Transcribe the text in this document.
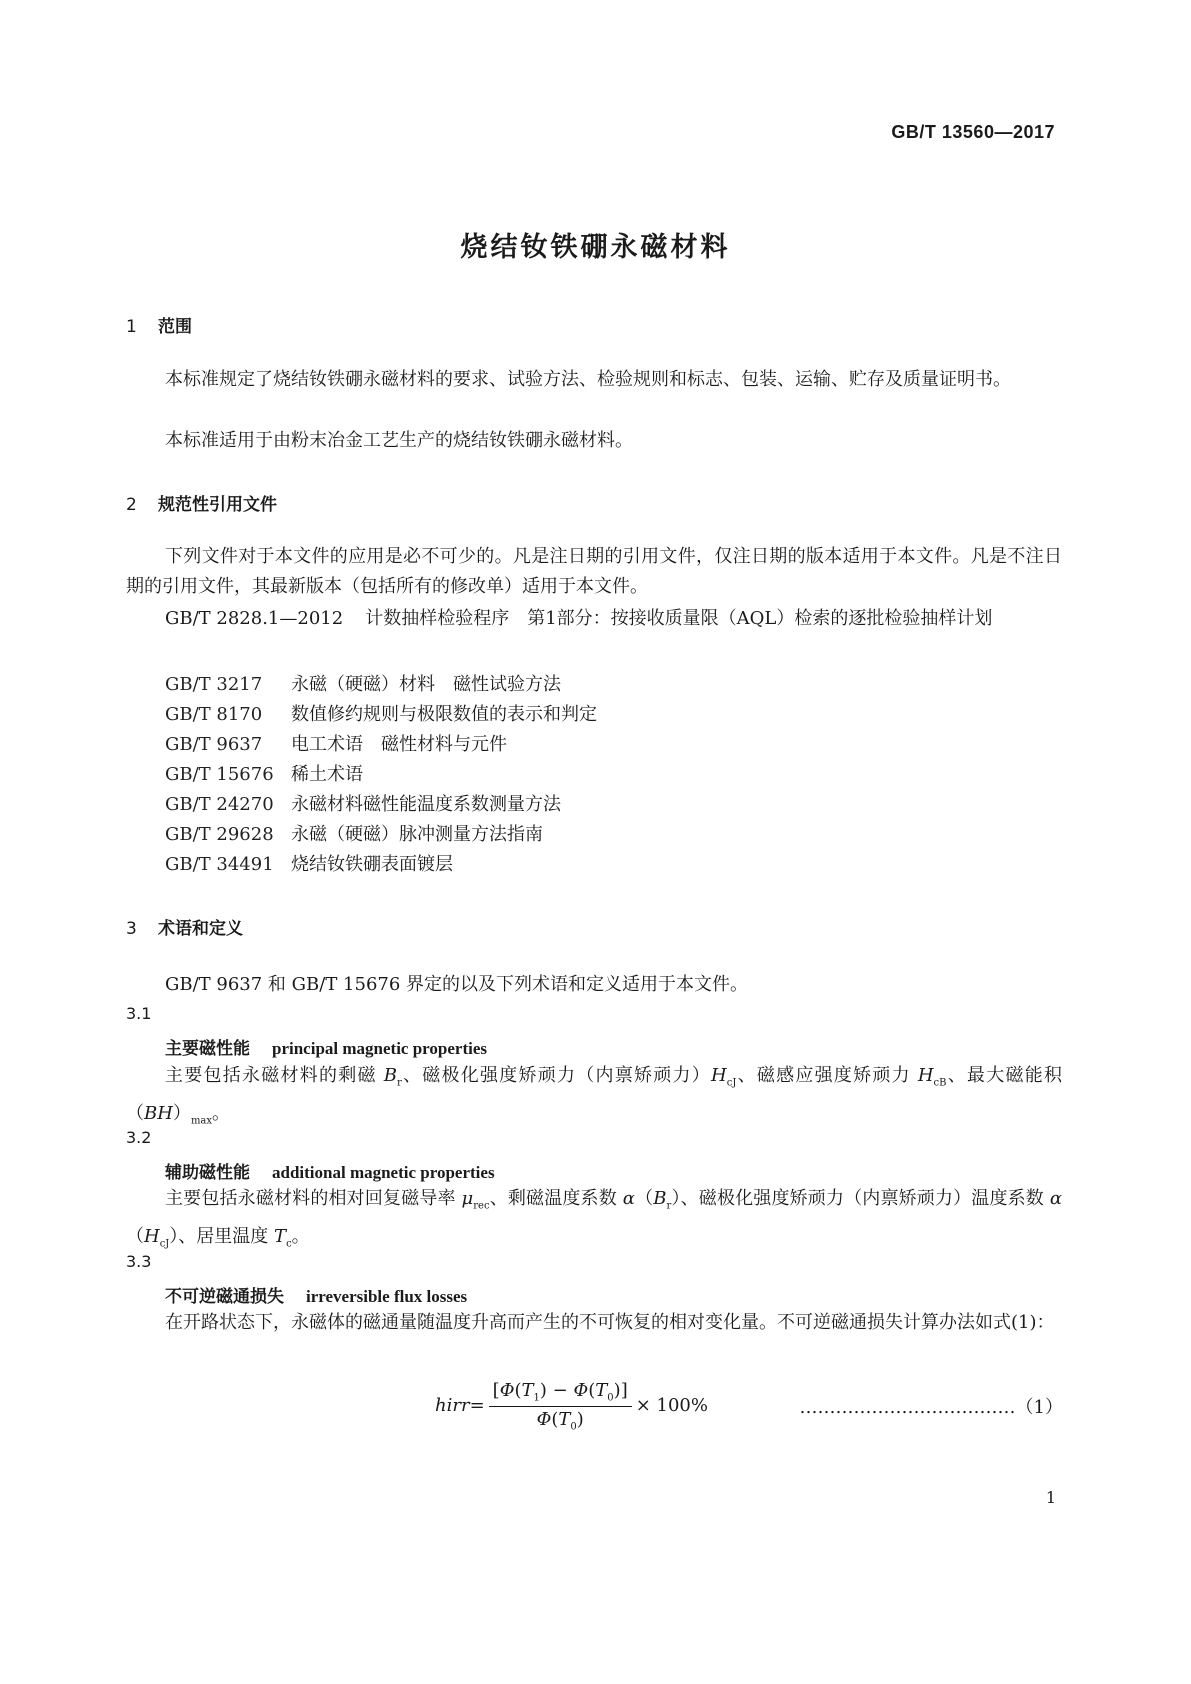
GB/T 13560—2017
烧结钕铁硼永磁材料
1 范围
本标准规定了烧结钕铁硼永磁材料的要求、试验方法、检验规则和标志、包装、运输、贮存及质量证明书。
本标准适用于由粉末冶金工艺生产的烧结钕铁硼永磁材料。
2 规范性引用文件
下列文件对于本文件的应用是必不可少的。凡是注日期的引用文件，仅注日期的版本适用于本文件。凡是不注日期的引用文件，其最新版本（包括所有的修改单）适用于本文件。
GB/T 2828.1—2012 计数抽样检验程序　第1部分：按接收质量限（AQL）检索的逐批检验抽样计划
GB/T 3217 永磁（硬磁）材料　磁性试验方法
GB/T 8170 数值修约规则与极限数值的表示和判定
GB/T 9637 电工术语　磁性材料与元件
GB/T 15676 稀土术语
GB/T 24270 永磁材料磁性能温度系数测量方法
GB/T 29628 永磁（硬磁）脉冲测量方法指南
GB/T 34491 烧结钕铁硼表面镀层
3 术语和定义
GB/T 9637 和 GB/T 15676 界定的以及下列术语和定义适用于本文件。
3.1
主要磁性能 principal magnetic properties
主要包括永磁材料的剩磁 $B_r$、磁极化强度矫顽力（内禀矫顽力）$H_{cJ}$、磁感应强度矫顽力 $H_{cB}$、最大磁能积$(BH)_{max}$。
3.2
辅助磁性能 additional magnetic properties
主要包括永磁材料的相对回复磁导率 $\mu_{rec}$、剩磁温度系数 $\alpha(B_r)$、磁极化强度矫顽力（内禀矫顽力）温度系数 $\alpha(H_{cJ})$、居里温度 $T_c$。
3.3
不可逆磁通损失 irreversible flux losses
在开路状态下，永磁体的磁通量随温度升高而产生的不可恢复的相对变化量。不可逆磁通损失计算办法如式(1)：
hirr= $\frac{[\Phi(T_1) - \Phi(T_0)]}{\Phi(T_0)} \times 100\%$	………………………………（1）
1
